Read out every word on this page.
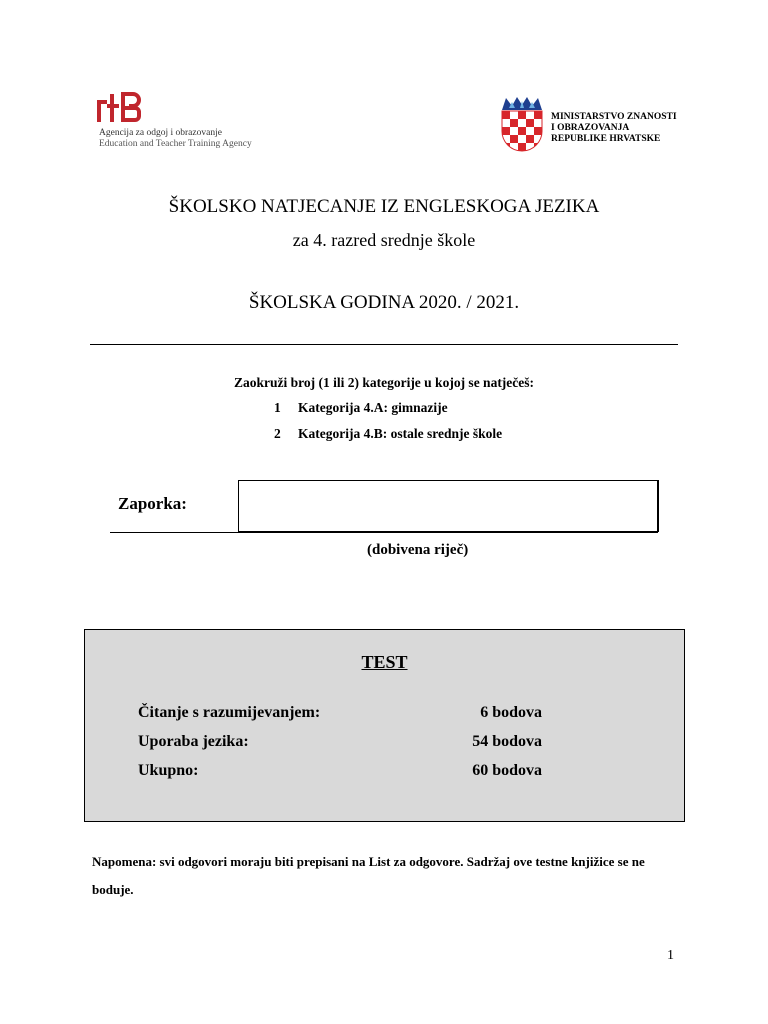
Agencija za odgoj i obrazovanje
Education and Teacher Training Agency
MINISTARSTVO ZNANOSTI
I OBRAZOVANJA
REPUBLIKE HRVATSKE
ŠKOLSKO NATJECANJE IZ ENGLESKOGA JEZIKA
za 4. razred srednje škole
ŠKOLSKA GODINA 2020. / 2021.
Zaokruži broj (1 ili 2) kategorije u kojoj se natječeš:
1 Kategorija 4.A: gimnazije
2 Kategorija 4.B: ostale srednje škole
Zaporka:
(dobivena riječ)
TEST
Čitanje s razumijevanjem:	6 bodova
Uporaba jezika:	54 bodova
Ukupno:	60 bodova
Napomena: svi odgovori moraju biti prepisani na List za odgovore. Sadržaj ove testne knjižice se ne boduje.
1
